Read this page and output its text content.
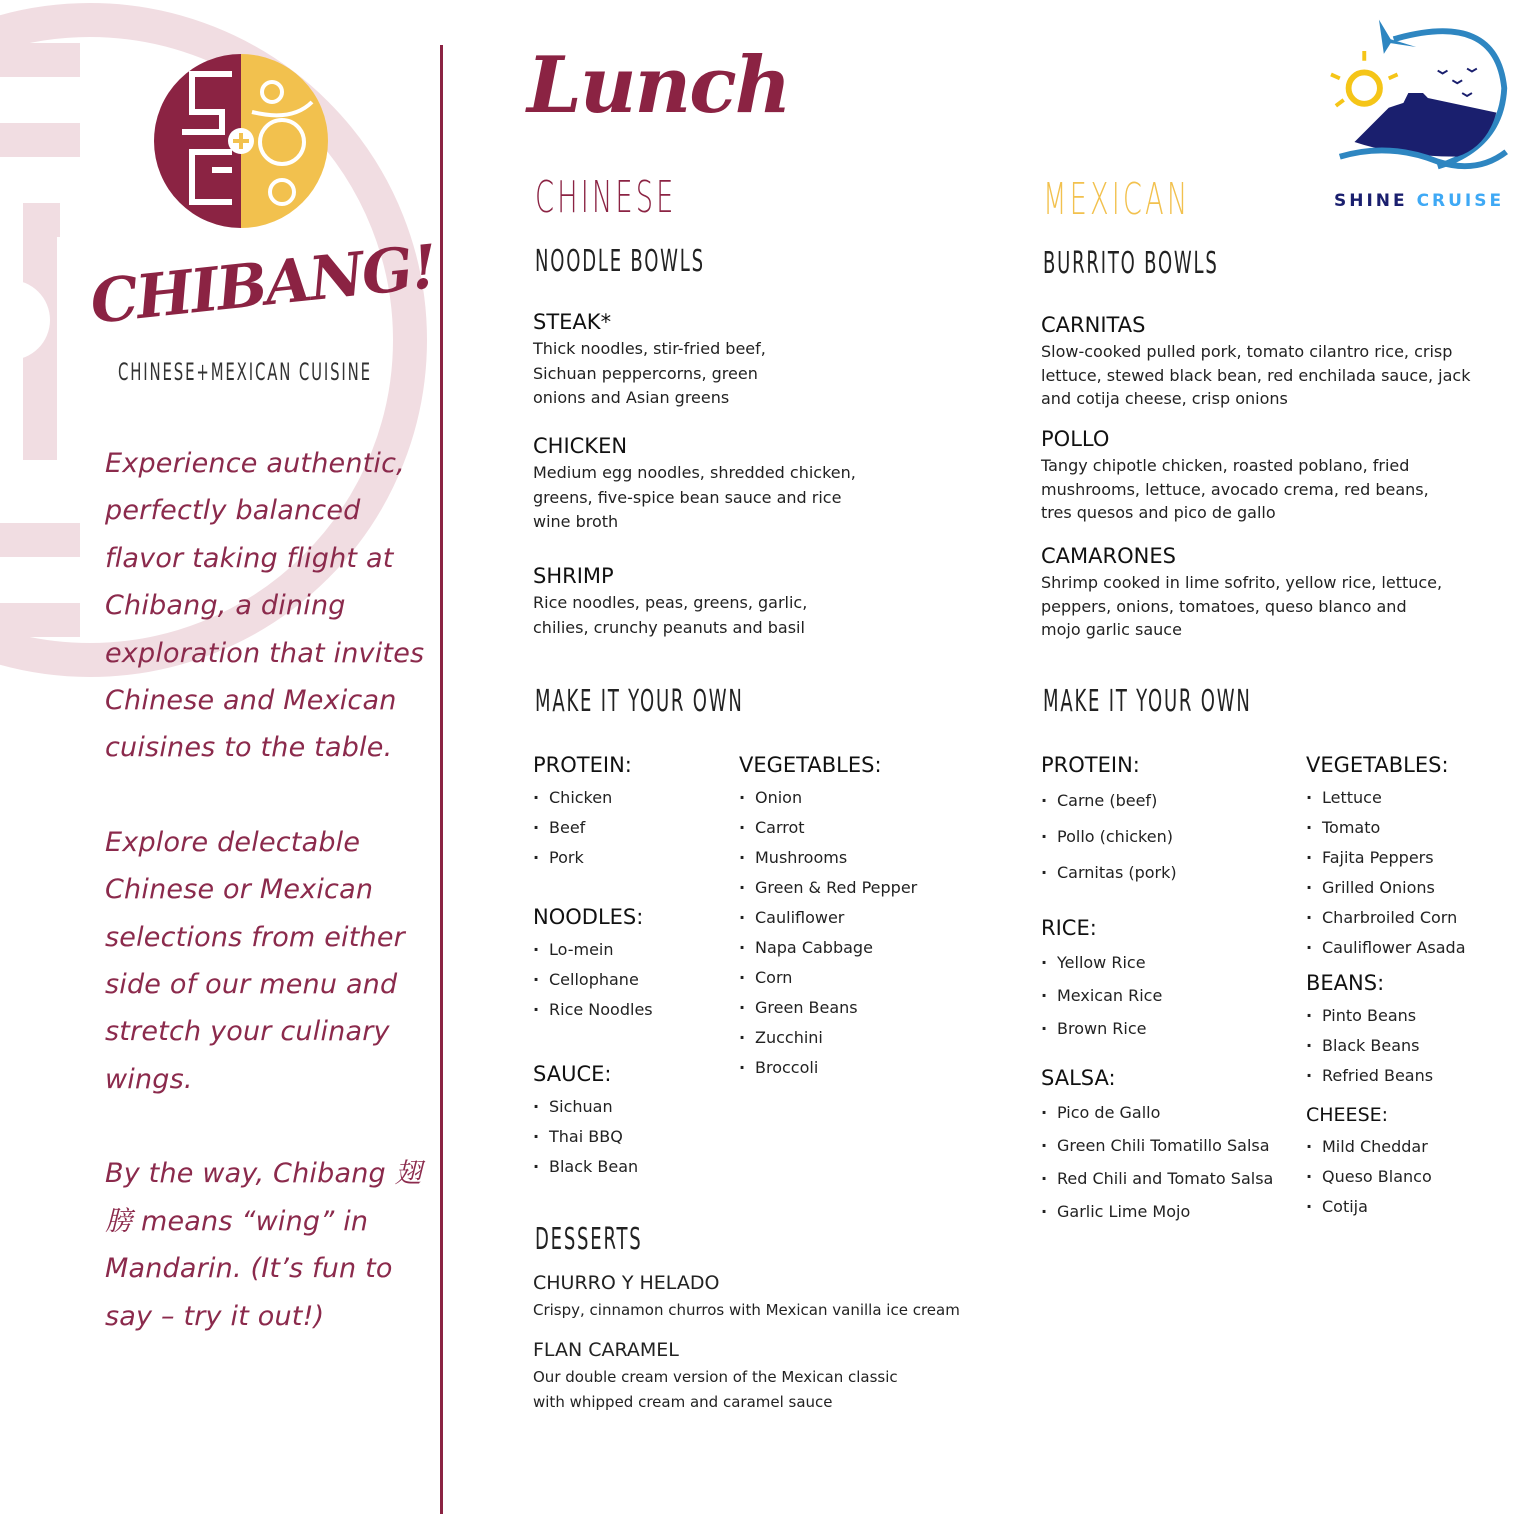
CHIBANG!
CHINESE+MEXICAN CUISINE

Experience authentic, perfectly balanced flavor taking flight at Chibang, a dining exploration that invites Chinese and Mexican cuisines to the table.

Explore delectable Chinese or Mexican selections from either side of our menu and stretch your culinary wings.

By the way, Chibang 翅膀 means “wing” in Mandarin. (It’s fun to say – try it out!)

Lunch
SHINE CRUISE
CHINESE
NOODLE BOWLS
STEAK*

Thick noodles, stir-fried beef, Sichuan peppercorns, green onions and Asian greens

CHICKEN

Medium egg noodles, shredded chicken, greens, five-spice bean sauce and rice wine broth

SHRIMP

Rice noodles, peas, greens, garlic, chilies, crunchy peanuts and basil

MAKE IT YOUR OWN
PROTEIN:
· Chicken
· Beef
· Pork
NOODLES:
· Lo-mein
· Cellophane
· Rice Noodles
SAUCE:
· Sichuan
· Thai BBQ
· Black Bean
VEGETABLES:
· Onion
· Carrot
· Mushrooms
· Green & Red Pepper
· Cauliflower
· Napa Cabbage
· Corn
· Green Beans
· Zucchini
· Broccoli
DESSERTS
CHURRO Y HELADO

Crispy, cinnamon churros with Mexican vanilla ice cream

FLAN CARAMEL

Our double cream version of the Mexican classic with whipped cream and caramel sauce

MEXICAN
BURRITO BOWLS
CARNITAS

Slow-cooked pulled pork, tomato cilantro rice, crisp lettuce, stewed black bean, red enchilada sauce, jack and cotija cheese, crisp onions

POLLO

Tangy chipotle chicken, roasted poblano, fried mushrooms, lettuce, avocado crema, red beans, tres quesos and pico de gallo

CAMARONES

Shrimp cooked in lime sofrito, yellow rice, lettuce, peppers, onions, tomatoes, queso blanco and mojo garlic sauce

MAKE IT YOUR OWN
PROTEIN:
· Carne (beef)
· Pollo (chicken)
· Carnitas (pork)
RICE:
· Yellow Rice
· Mexican Rice
· Brown Rice
SALSA:
· Pico de Gallo
· Green Chili Tomatillo Salsa
· Red Chili and Tomato Salsa
· Garlic Lime Mojo
VEGETABLES:
· Lettuce
· Tomato
· Fajita Peppers
· Grilled Onions
· Charbroiled Corn
· Cauliflower Asada
BEANS:
· Pinto Beans
· Black Beans
· Refried Beans
CHEESE:
· Mild Cheddar
· Queso Blanco
· Cotija
